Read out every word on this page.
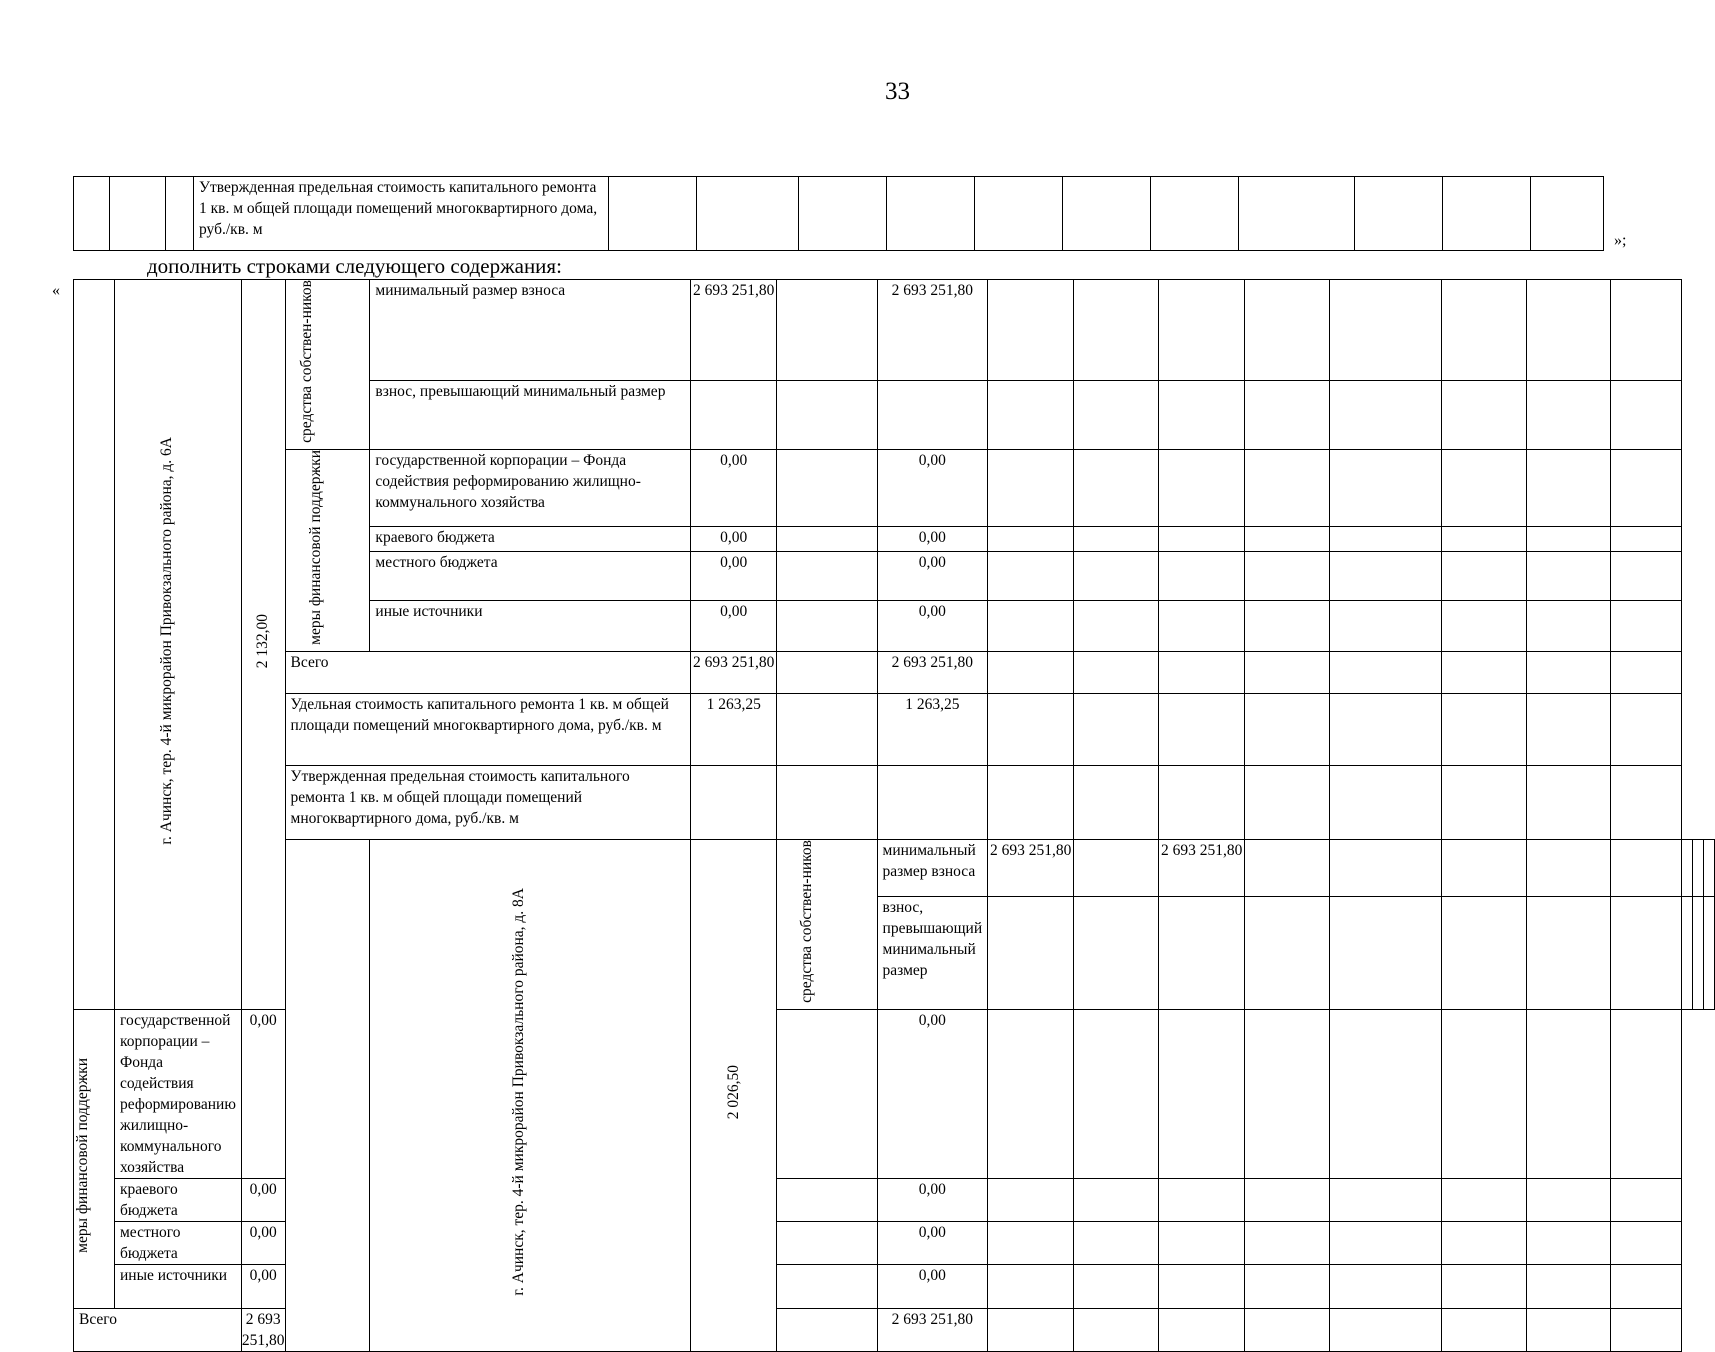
33
»;
«
дополнить строками следующего содержания:
			Утвержденная предельная стоимость капитального ремонта 1 кв. м общей площади помещений многоквартирного дома, руб./кв. м											
	г. Ачинск, тер. 4-й микрорайон Привокзального района, д. 6А	2 132,00	средства собствен-ников	минимальный размер взноса	2 693 251,80		2 693 251,80											
				взнос, превышающий минимальный размер														
			меры финансовой поддержки	государственной корпорации – Фонда содействия реформированию жилищно-коммунального хозяйства	0,00		0,00											
				краевого бюджета	0,00		0,00											
				местного бюджета	0,00		0,00											
				иные источники	0,00		0,00											
			Всего		2 693 251,80		2 693 251,80											
			Удельная стоимость капитального ремонта 1 кв. м общей площади помещений многоквартирного дома, руб./кв. м		1 263,25		1 263,25											
			Утвержденная предельная стоимость капитального ремонта 1 кв. м общей площади помещений многоквартирного дома, руб./кв. м															
				г. Ачинск, тер. 4-й микрорайон Привокзального района, д. 8А	2 026,50	средства собствен-ников	минимальный размер взноса	2 693 251,80		2 693 251,80								
							взнос, превышающий минимальный размер											
меры финансовой поддержки	государственной корпорации – Фонда содействия реформированию жилищно-коммунального хозяйства	0,00					0,00											
	краевого бюджета	0,00					0,00											
	местного бюджета	0,00					0,00											
	иные источники	0,00					0,00											
Всего		2 693 251,80					2 693 251,80											
